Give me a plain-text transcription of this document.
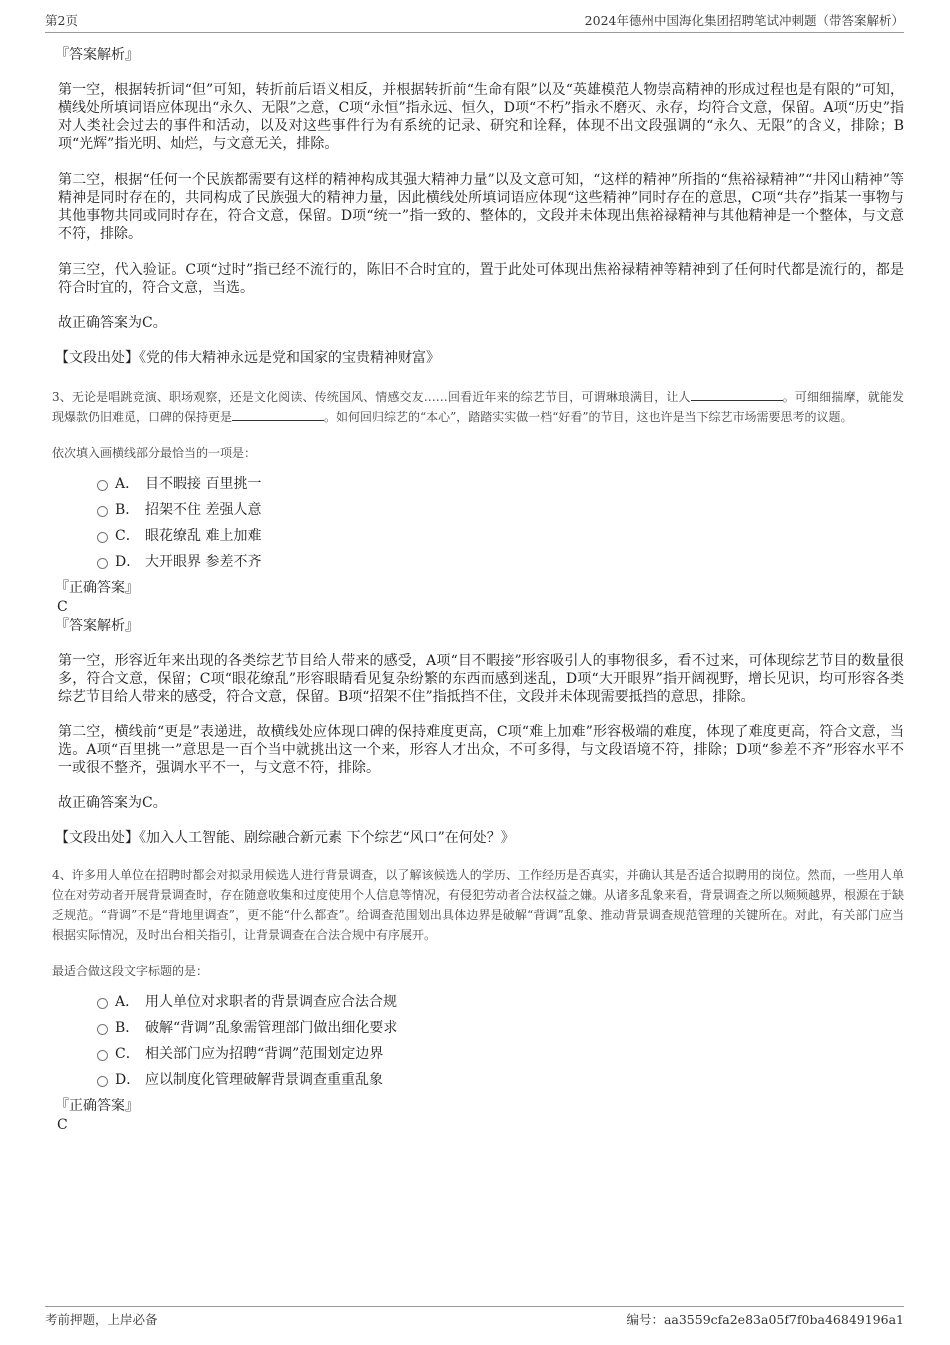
第2页	2024年德州中国海化集团招聘笔试冲刺题（带答案解析）
『答案解析』

第一空，根据转折词“但”可知，转折前后语义相反，并根据转折前“生命有限”以及“英雄模范人物崇高精神的形成过程也是有限的”可知，横线处所填词语应体现出“永久、无限”之意，C项“永恒”指永远、恒久，D项“不朽”指永不磨灭、永存，均符合文意，保留。A项“历史”指对人类社会过去的事件和活动，以及对这些事件行为有系统的记录、研究和诠释，体现不出文段强调的“永久、无限”的含义，排除；B项“光辉”指光明、灿烂，与文意无关，排除。

第二空，根据“任何一个民族都需要有这样的精神构成其强大精神力量”以及文意可知，“这样的精神”所指的“焦裕禄精神”“井冈山精神”等精神是同时存在的，共同构成了民族强大的精神力量，因此横线处所填词语应体现“这些精神”同时存在的意思，C项“共存”指某一事物与其他事物共同或同时存在，符合文意，保留。D项“统一”指一致的、整体的，文段并未体现出焦裕禄精神与其他精神是一个整体，与文意不符，排除。

第三空，代入验证。C项“过时”指已经不流行的，陈旧不合时宜的，置于此处可体现出焦裕禄精神等精神到了任何时代都是流行的，都是符合时宜的，符合文意，当选。

故正确答案为C。

【文段出处】《党的伟大精神永远是党和国家的宝贵精神财富》

3、无论是唱跳竞演、职场观察，还是文化阅读、传统国风、情感交友……回看近年来的综艺节目，可谓琳琅满目，让人	。可细细揣摩，就能发现爆款仍旧难觅，口碑的保持更是	。如何回归综艺的“本心”，踏踏实实做一档“好看”的节目，这也许是当下综艺市场需要思考的议题。

依次填入画横线部分最恰当的一项是：

A． 目不暇接 百里挑一
B． 招架不住 差强人意
C． 眼花缭乱 难上加难
D． 大开眼界 参差不齐
『正确答案』
C
『答案解析』

第一空，形容近年来出现的各类综艺节目给人带来的感受，A项“目不暇接”形容吸引人的事物很多，看不过来，可体现综艺节目的数量很多，符合文意，保留；C项“眼花缭乱”形容眼睛看见复杂纷繁的东西而感到迷乱，D项“大开眼界”指开阔视野，增长见识，均可形容各类综艺节目给人带来的感受，符合文意，保留。B项“招架不住”指抵挡不住，文段并未体现需要抵挡的意思，排除。

第二空，横线前“更是”表递进，故横线处应体现口碑的保持难度更高，C项“难上加难”形容极端的难度，体现了难度更高，符合文意，当选。A项“百里挑一”意思是一百个当中就挑出这一个来，形容人才出众，不可多得，与文段语境不符，排除；D项“参差不齐”形容水平不一或很不整齐，强调水平不一，与文意不符，排除。

故正确答案为C。

【文段出处】《加入人工智能、剧综融合新元素 下个综艺“风口”在何处？》

4、许多用人单位在招聘时都会对拟录用候选人进行背景调查，以了解该候选人的学历、工作经历是否真实，并确认其是否适合拟聘用的岗位。然而，一些用人单位在对劳动者开展背景调查时，存在随意收集和过度使用个人信息等情况，有侵犯劳动者合法权益之嫌。从诸多乱象来看，背景调查之所以频频越界，根源在于缺乏规范。“背调”不是“背地里调查”，更不能“什么都查”。给调查范围划出具体边界是破解“背调”乱象、推动背景调查规范管理的关键所在。对此，有关部门应当根据实际情况，及时出台相关指引，让背景调查在合法合规中有序展开。

最适合做这段文字标题的是：

A． 用人单位对求职者的背景调查应合法合规
B． 破解“背调”乱象需管理部门做出细化要求
C． 相关部门应为招聘“背调”范围划定边界
D． 应以制度化管理破解背景调查重重乱象
『正确答案』
C
考前押题，上岸必备	编号：aa3559cfa2e83a05f7f0ba46849196a1
